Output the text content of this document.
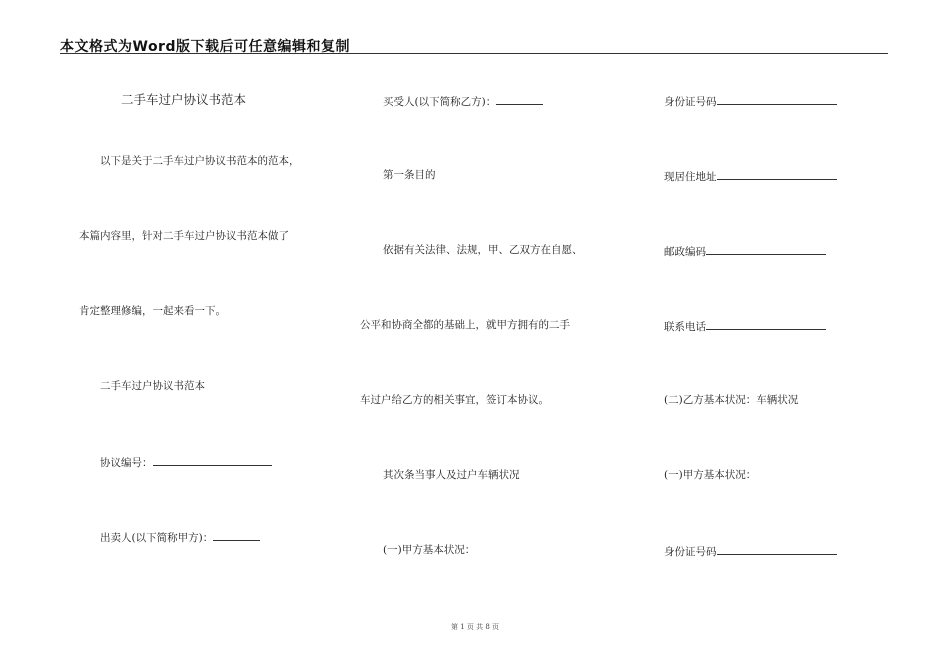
本文格式为Word版下载后可任意编辑和复制
二手车过户协议书范本
以下是关于二手车过户协议书范本的范本，
本篇内容里，针对二手车过户协议书范本做了
肯定整理修编，一起来看一下。
二手车过户协议书范本
协议编号：
出卖人(以下简称甲方)：
买受人(以下简称乙方)：
第一条目的
依据有关法律、法规，甲、乙双方在自愿、
公平和协商全都的基础上，就甲方拥有的二手
车过户给乙方的相关事宜，签订本协议。
其次条当事人及过户车辆状况
(一)甲方基本状况：
身份证号码
现居住地址
邮政编码
联系电话
(二)乙方基本状况：车辆状况
(一)甲方基本状况：
身份证号码
第 1 页 共 8 页
